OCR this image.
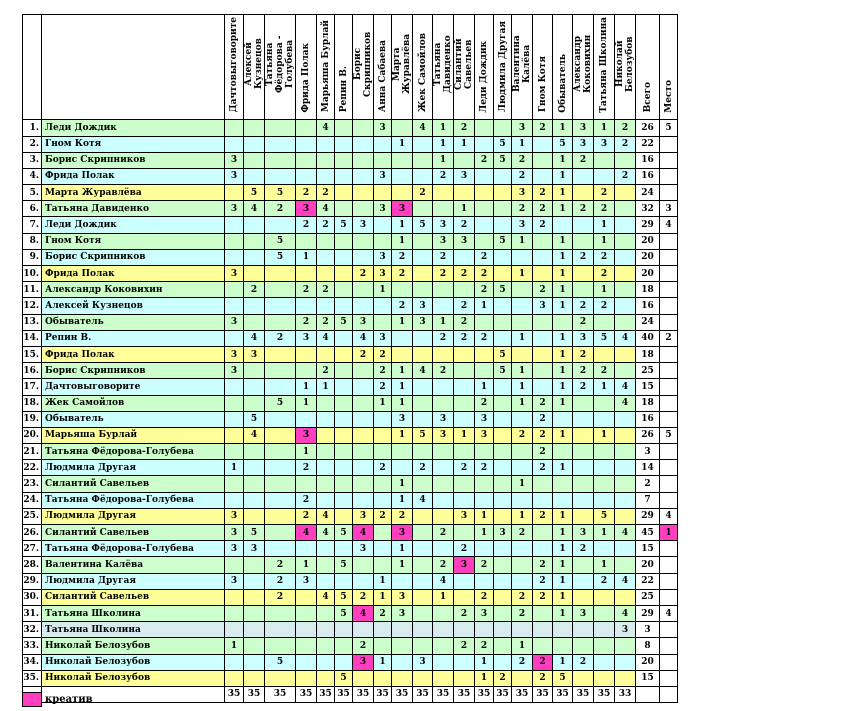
		Дачтовыговорите	Алексей Кузнецов	Татьяна Фёдорова - Голубева	Фрида Полак	Марьяша Бурлай	Репин В.	Борис Скрипников	Анна Сабаева	Марта Журавлёва	Жек Самойлов	Татьяна Давиденко	Силантий Савельев	Леди Дождик	Людмила Другая	Валентина Калёва	Гном Котя	Обыватель	Александр Коковихин	Татьяна Школина	Николай Белозубов	Всего	Место
1.	Леди Дождик					4			3		4	1	2			3	2	1	3	1	2	26	5
2.	Гном Котя									1		1	1		5	1		5	3	3	2	22	
3.	Борис Скрипников	3										1		2	5	2		1	2			16	
4.	Фрида Полак	3							3			2	3			2		1			2	16	
5.	Марта Журавлёва		5	5	2	2					2					3	2	1		2		24	
6.	Татьяна Давиденко	3	4	2	3	4			3	3			1			2	2	1	2	2		32	3
7.	Леди Дождик				2	2	5	3		1	5	3	2			3	2			1		29	4
8.	Гном Котя			5						1		3	3		5	1		1		1		20	
9.	Борис Скрипников			5	1				3	2		2		2				1	2	2		20	
10.	Фрида Полак	3						2	3	2		2	2	2		1		1		2		20	
11.	Александр Коковихин		2		2	2			1					2	5		2	1		1		18	
12.	Алексей Кузнецов									2	3		2	1			3	1	2	2		16	
13.	Обыватель	3			2	2	5	3		1	3	1	2						2			24	
14.	Репин В.		4	2	3	4		4	3			2	2	2		1		1	3	5	4	40	2
15.	Фрида Полак	3	3					2	2						5			1	2			18	
16.	Борис Скрипников	3				2			2	1	4	2			5	1		1	2	2		25	
17.	Дачтовыговорите				1	1			2	1				1		1		1	2	1	4	15	
18.	Жек Самойлов			5	1				1	1				2		1	2	1			4	18	
19.	Обыватель		5							3		3		3			2					16	
20.	Марьяша Бурлай		4		3					1	5	3	1	3		2	2	1		1		26	5
21.	Татьяна Фёдорова-Голубева				1												2					3	
22.	Людмила Другая	1			2				2		2		2	2			2	1				14	
23.	Силантий Савельев									1						1						2	
24.	Татьяна Фёдорова-Голубева				2					1	4											7	
25.	Людмила Другая	3			2	4		3	2	2			3	1		1	2	1		5		29	4
26.	Силантий Савельев	3	5		4	4	5	4		3		2		1	3	2		1	3	1	4	45	1
27.	Татьяна Фёдорова-Голубева	3	3					3		1			2					1	2			15	
28.	Валентина Калёва			2	1		5			1		2	3	2			2	1		1		20	
29.	Людмила Другая	3		2	3				1			4					2	1		2	4	22	
30.	Силантий Савельев			2		4	5	2	1	3		1		2		2	2	1				25	
31.	Татьяна Школина						5	4	2	3			2	3		2		1	3		4	29	4
32.	Татьяна Школина																				3	3	
33.	Николай Белозубов	1						2					2	2		1						8	
34.	Николай Белозубов			5				3	1		3			1		2	2	1	2			20	
35.	Николай Белозубов						5							1	2		2	5				15	
		35	35	35	35	35	35	35	35	35	35	35	35	35	35	35	35	35	35	35	33		
креатив
